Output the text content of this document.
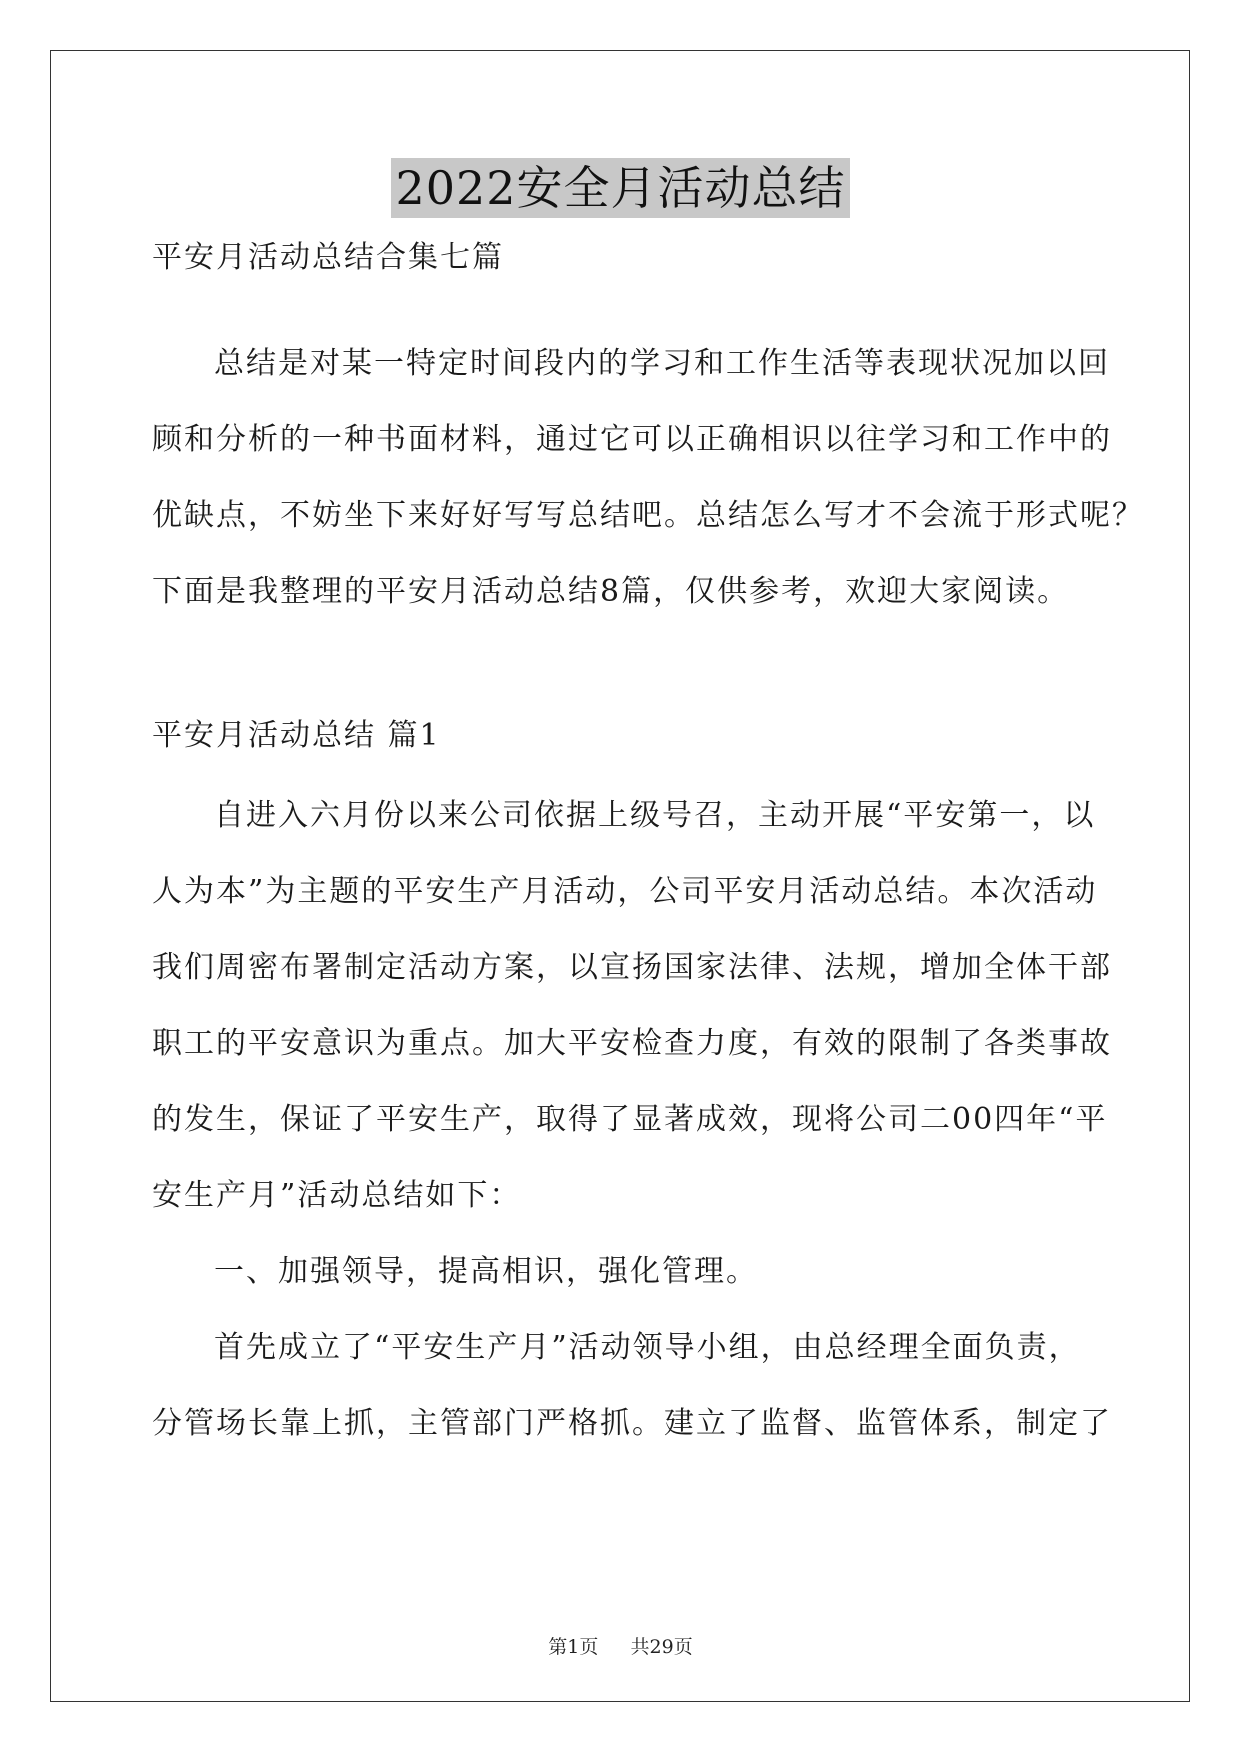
2022安全月活动总结
平安月活动总结合集七篇
总结是对某一特定时间段内的学习和工作生活等表现状况加以回
顾和分析的一种书面材料，通过它可以正确相识以往学习和工作中的
优缺点，不妨坐下来好好写写总结吧。总结怎么写才不会流于形式呢？
下面是我整理的平安月活动总结8篇，仅供参考，欢迎大家阅读。
平安月活动总结 篇1
自进入六月份以来公司依据上级号召，主动开展“平安第一，以
人为本”为主题的平安生产月活动，公司平安月活动总结。本次活动
我们周密布署制定活动方案，以宣扬国家法律、法规，增加全体干部
职工的平安意识为重点。加大平安检查力度，有效的限制了各类事故
的发生，保证了平安生产，取得了显著成效，现将公司二00四年“平
安生产月”活动总结如下：
一、加强领导，提高相识，强化管理。
首先成立了“平安生产月”活动领导小组，由总经理全面负责，
分管场长靠上抓，主管部门严格抓。建立了监督、监管体系，制定了
第1页 共29页
